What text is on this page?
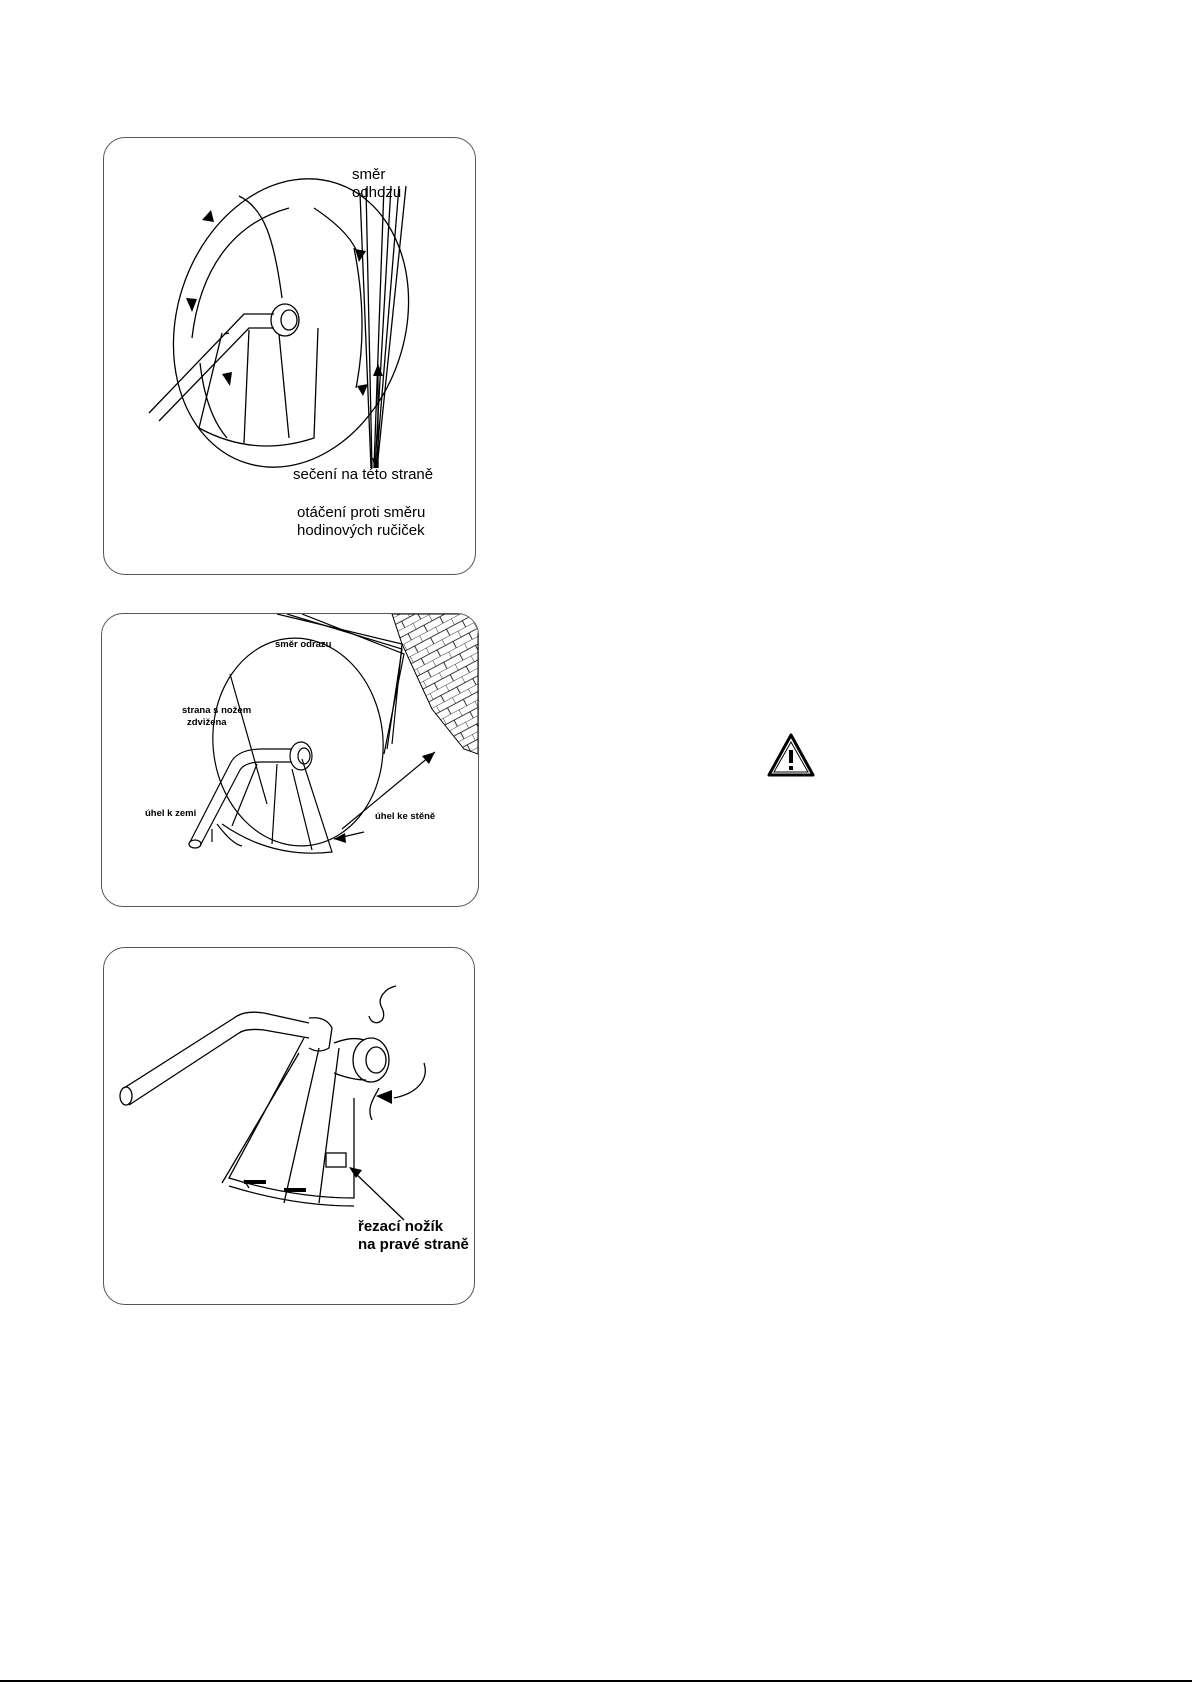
směr
odhozu
sečení na této straně
otáčení proti směru
hodinových ručiček
směr odrazu
strana s nožem
zdvižena
úhel k zemi	úhel ke stěně
řezací nožík
na pravé straně
